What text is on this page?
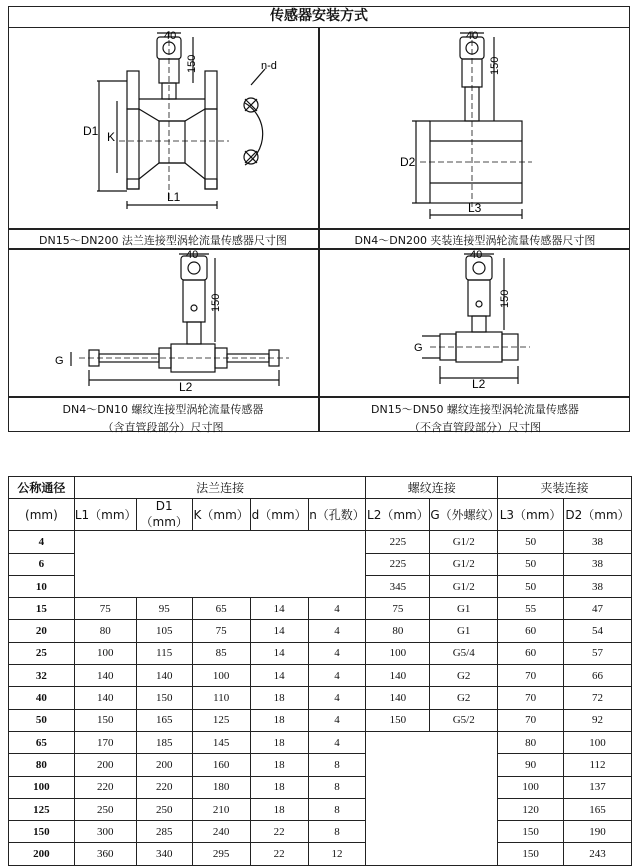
传感器安装方式
40
150	n-d
D1 K
L1
40
150
D2
L3
40
150
G
L2
40
150
G
L2
DN15～DN200 法兰连接型涡轮流量传感器尺寸图	DN4～DN200 夹装连接型涡轮流量传感器尺寸图
DN4～DN10 螺纹连接型涡轮流量传感器
（含直管段部分）尺寸图
DN15～DN50 螺纹连接型涡轮流量传感器
（不含直管段部分）尺寸图
公称通径	法兰连接					螺纹连接		夹装连接	
(mm)	L1（mm）	D1（mm）	K（mm）	d（mm）	n（孔数）	L2（mm）	G（外螺纹）	L3（mm）	D2（mm）
4						225	G1/2	50	38
6						225	G1/2	50	38
10						345	G1/2	50	38
15	75	95	65	14	4	75	G1	55	47
20	80	105	75	14	4	80	G1	60	54
25	100	115	85	14	4	100	G5/4	60	57
32	140	140	100	14	4	140	G2	70	66
40	140	150	110	18	4	140	G2	70	72
50	150	165	125	18	4	150	G5/2	70	92
65	170	185	145	18	4			80	100
80	200	200	160	18	8			90	112
100	220	220	180	18	8			100	137
125	250	250	210	18	8			120	165
150	300	285	240	22	8			150	190
200	360	340	295	22	12			150	243
